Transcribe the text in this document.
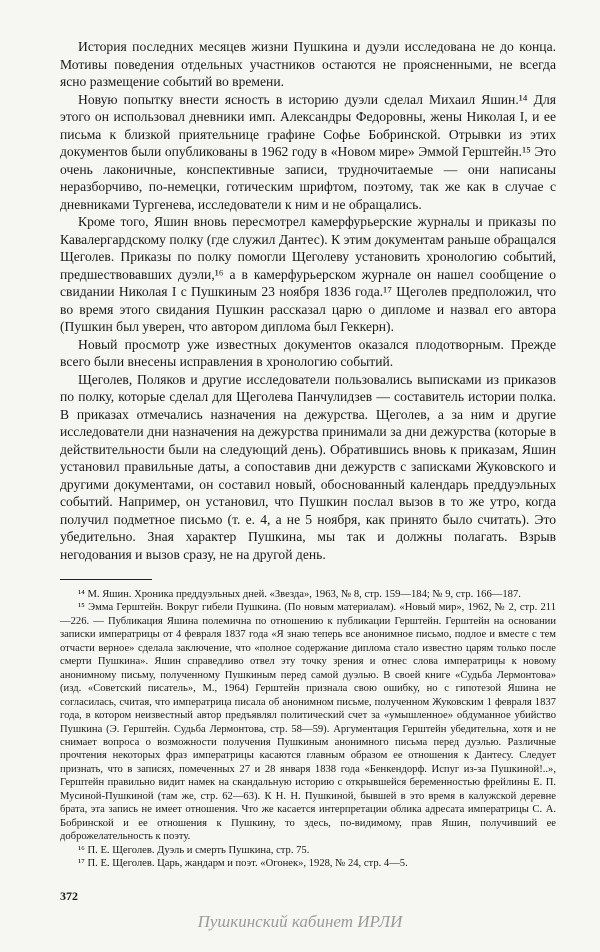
История последних месяцев жизни Пушкина и дуэли исследована не до конца. Мотивы поведения отдельных участников остаются не проясненными, не всегда ясно размещение событий во времени.

Новую попытку внести ясность в историю дуэли сделал Михаил Яшин.¹⁴ Для этого он использовал дневники имп. Александры Федоровны, жены Николая I, и ее письма к близкой приятельнице графине Софье Бобринской. Отрывки из этих документов были опубликованы в 1962 году в «Новом мире» Эммой Герштейн.¹⁵ Это очень лаконичные, конспективные записи, трудночитаемые — они написаны неразборчиво, по-немецки, готическим шрифтом, поэтому, так же как в случае с дневниками Тургенева, исследователи к ним и не обращались.

Кроме того, Яшин вновь пересмотрел камерфурьерские журналы и приказы по Кавалергардскому полку (где служил Дантес). К этим документам раньше обращался Щеголев. Приказы по полку помогли Щеголеву установить хронологию событий, предшествовавших дуэли,¹⁶ а в камерфурьерском журнале он нашел сообщение о свидании Николая I с Пушкиным 23 ноября 1836 года.¹⁷ Щеголев предположил, что во время этого свидания Пушкин рассказал царю о дипломе и назвал его автора (Пушкин был уверен, что автором диплома был Геккерн).

Новый просмотр уже известных документов оказался плодотворным. Прежде всего были внесены исправления в хронологию событий.

Щеголев, Поляков и другие исследователи пользовались выписками из приказов по полку, которые сделал для Щеголева Панчулидзев — составитель истории полка. В приказах отмечались назначения на дежурства. Щеголев, а за ним и другие исследователи дни назначения на дежурства принимали за дни дежурства (которые в действительности были на следующий день). Обратившись вновь к приказам, Яшин установил правильные даты, а сопоставив дни дежурств с записками Жуковского и другими документами, он составил новый, обоснованный календарь преддуэльных событий. Например, он установил, что Пушкин послал вызов в то же утро, когда получил подметное письмо (т. е. 4, а не 5 ноября, как принято было считать). Это убедительно. Зная характер Пушкина, мы так и должны полагать. Взрыв негодования и вызов сразу, не на другой день.

¹⁴ М. Яшин. Хроника преддуэльных дней. «Звезда», 1963, № 8, стр. 159—184; № 9, стр. 166—187.

¹⁵ Эмма Герштейн. Вокруг гибели Пушкина. (По новым материалам). «Новый мир», 1962, № 2, стр. 211—226. — Публикация Яшина полемична по отношению к публикации Герштейн. Герштейн на основании записки императрицы от 4 февраля 1837 года «Я знаю теперь все анонимное письмо, подлое и вместе с тем отчасти верное» сделала заключение, что «полное содержание диплома стало известно царям только после смерти Пушкина». Яшин справедливо отвел эту точку зрения и отнес слова императрицы к новому анонимному письму, полученному Пушкиным перед самой дуэлью. В своей книге «Судьба Лермонтова» (изд. «Советский писатель», М., 1964) Герштейн признала свою ошибку, но с гипотезой Яшина не согласилась, считая, что императрица писала об анонимном письме, полученном Жуковским 1 февраля 1837 года, в котором неизвестный автор предъявлял политический счет за «умышленное» обдуманное убийство Пушкина (Э. Герштейн. Судьба Лермонтова, стр. 58—59). Аргументация Герштейн убедительна, хотя и не снимает вопроса о возможности получения Пушкиным анонимного письма перед дуэлью. Различные прочтения некоторых фраз императрицы касаются главным образом ее отношения к Дантесу. Следует признать, что в записях, помеченных 27 и 28 января 1838 года «Бенкендорф. Испуг из-за Пушкиной!..», Герштейн правильно видит намек на скандальную историю с открывшейся беременностью фрейлины Е. П. Мусиной-Пушкиной (там же, стр. 62—63). К Н. Н. Пушкиной, бывшей в это время в калужской деревне брата, эта запись не имеет отношения. Что же касается интерпретации облика адресата императрицы С. А. Бобринской и ее отношения к Пушкину, то здесь, по-видимому, прав Яшин, получивший ее доброжелательность к поэту.

¹⁶ П. Е. Щеголев. Дуэль и смерть Пушкина, стр. 75.

¹⁷ П. Е. Щеголев. Царь, жандарм и поэт. «Огонек», 1928, № 24, стр. 4—5.

372
Пушкинский кабинет ИРЛИ
